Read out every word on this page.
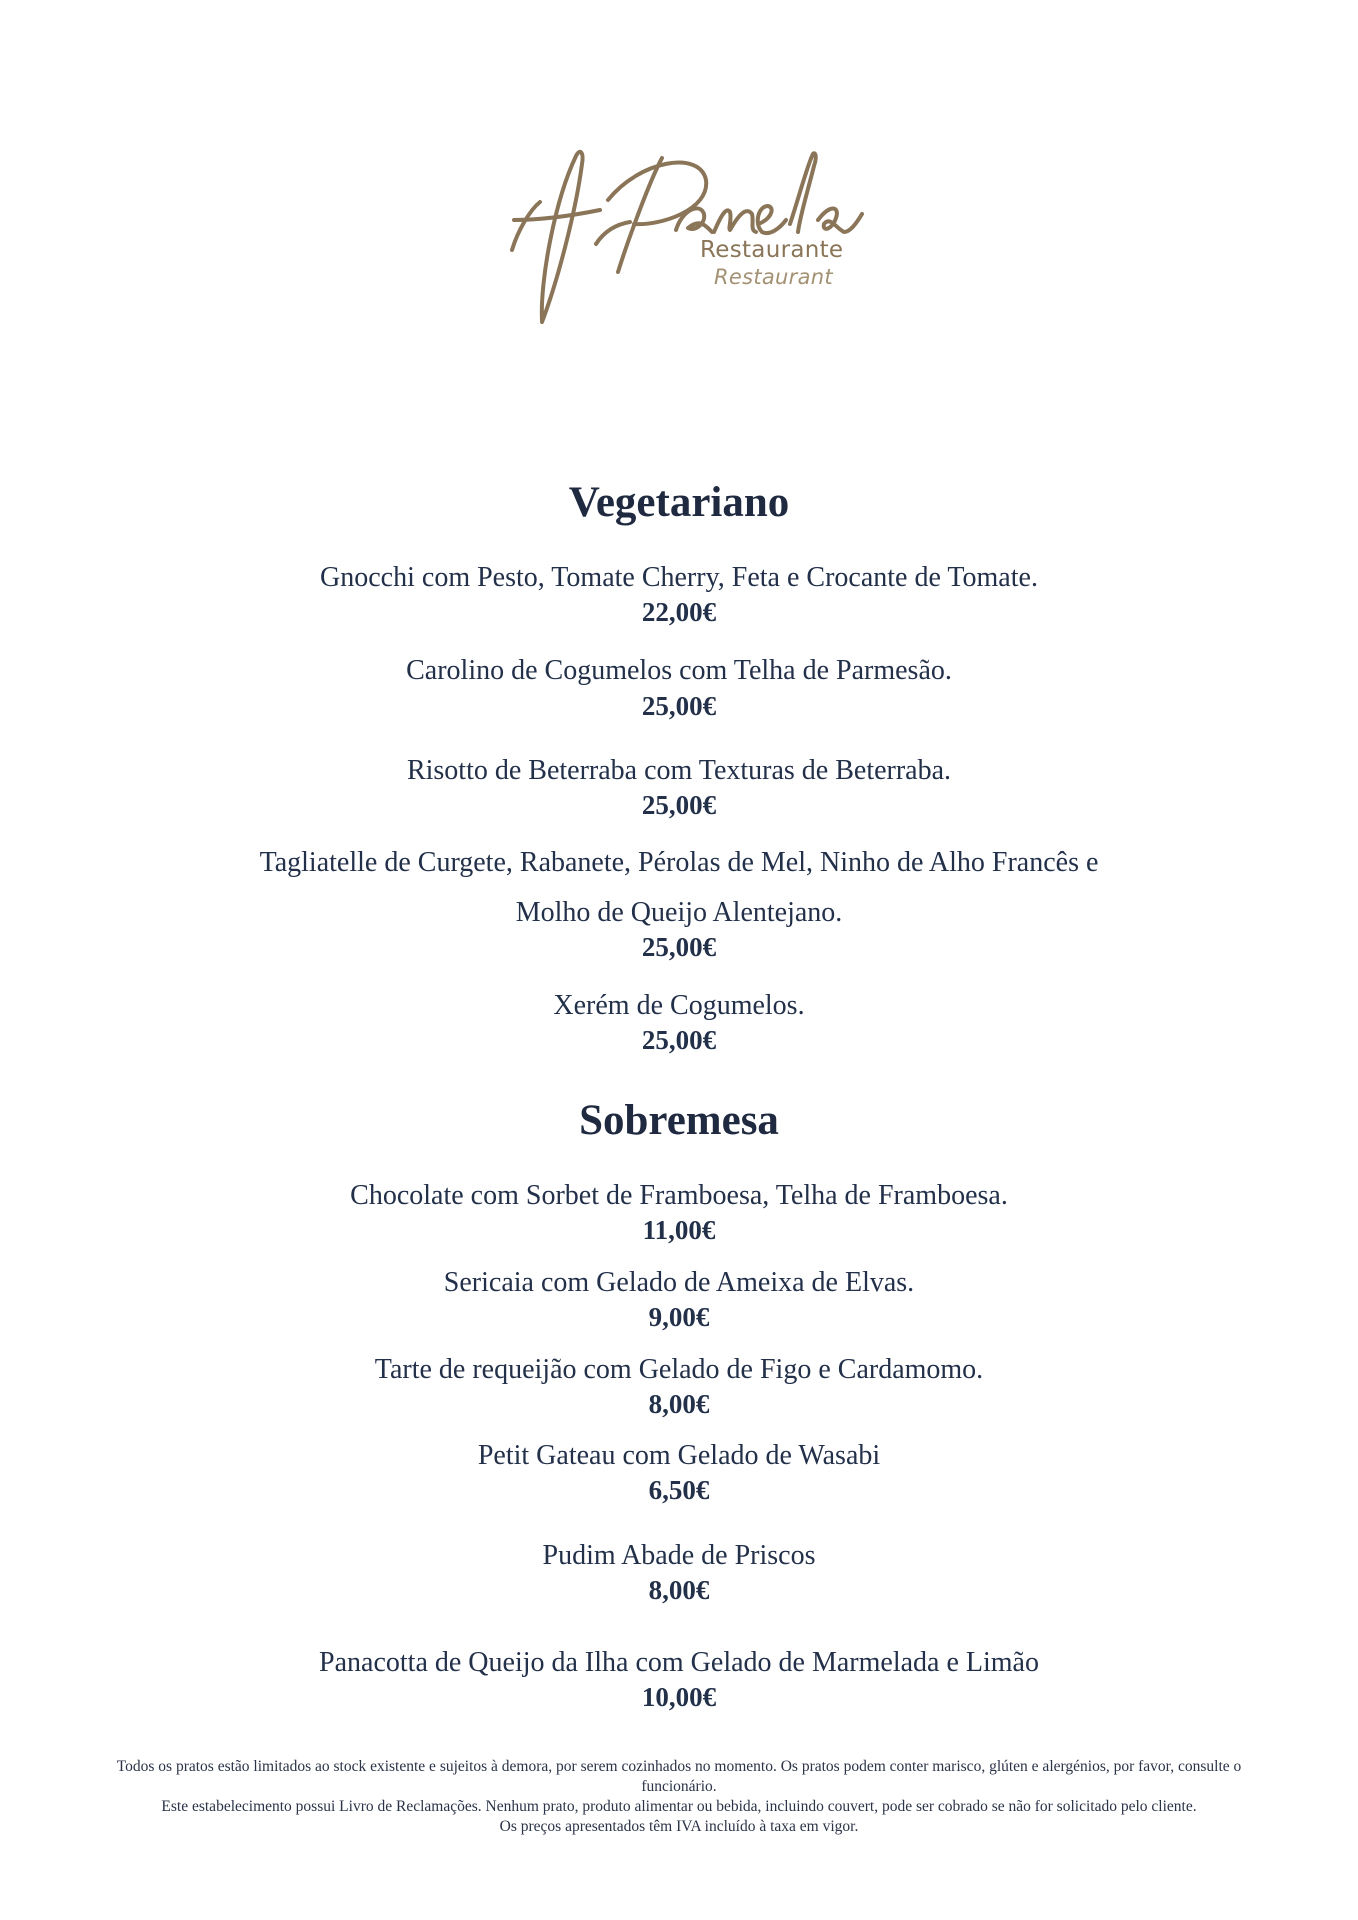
Restaurante
Restaurant
Vegetariano
Gnocchi com Pesto, Tomate Cherry, Feta e Crocante de Tomate.
22,00€
Carolino de Cogumelos com Telha de Parmesão.
25,00€
Risotto de Beterraba com Texturas de Beterraba.
25,00€
Tagliatelle de Curgete, Rabanete, Pérolas de Mel, Ninho de Alho Francês e
Molho de Queijo Alentejano.
25,00€
Xerém de Cogumelos.
25,00€
Sobremesa
Chocolate com Sorbet de Framboesa, Telha de Framboesa.
11,00€
Sericaia com Gelado de Ameixa de Elvas.
9,00€
Tarte de requeijão com Gelado de Figo e Cardamomo.
8,00€
Petit Gateau com Gelado de Wasabi
6,50€
Pudim Abade de Priscos
8,00€
Panacotta de Queijo da Ilha com Gelado de Marmelada e Limão
10,00€

Todos os pratos estão limitados ao stock existente e sujeitos à demora, por serem cozinhados no momento. Os pratos podem conter marisco, glúten e alergénios, por favor, consulte o funcionário.

Este estabelecimento possui Livro de Reclamações. Nenhum prato, produto alimentar ou bebida, incluindo couvert, pode ser cobrado se não for solicitado pelo cliente.

Os preços apresentados têm IVA incluído à taxa em vigor.
